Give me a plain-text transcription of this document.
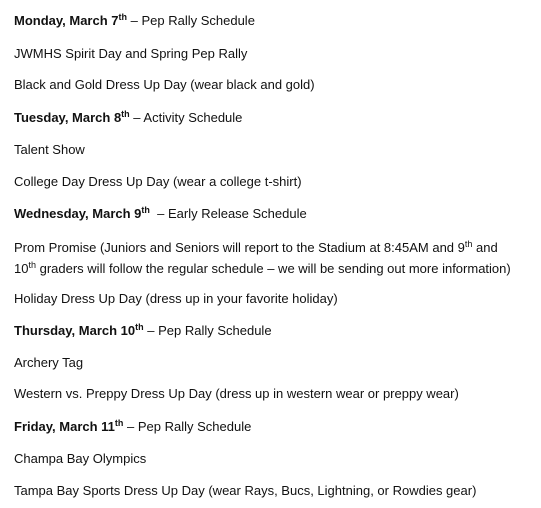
Monday, March 7th – Pep Rally Schedule
JWMHS Spirit Day and Spring Pep Rally
Black and Gold Dress Up Day (wear black and gold)
Tuesday, March 8th – Activity Schedule
Talent Show
College Day Dress Up Day (wear a college t-shirt)
Wednesday, March 9th  – Early Release Schedule
Prom Promise (Juniors and Seniors will report to the Stadium at 8:45AM and 9th and
10th graders will follow the regular schedule – we will be sending out more information)
Holiday Dress Up Day (dress up in your favorite holiday)
Thursday, March 10th – Pep Rally Schedule
Archery Tag
Western vs. Preppy Dress Up Day (dress up in western wear or preppy wear)
Friday, March 11th – Pep Rally Schedule
Champa Bay Olympics
Tampa Bay Sports Dress Up Day (wear Rays, Bucs, Lightning, or Rowdies gear)
